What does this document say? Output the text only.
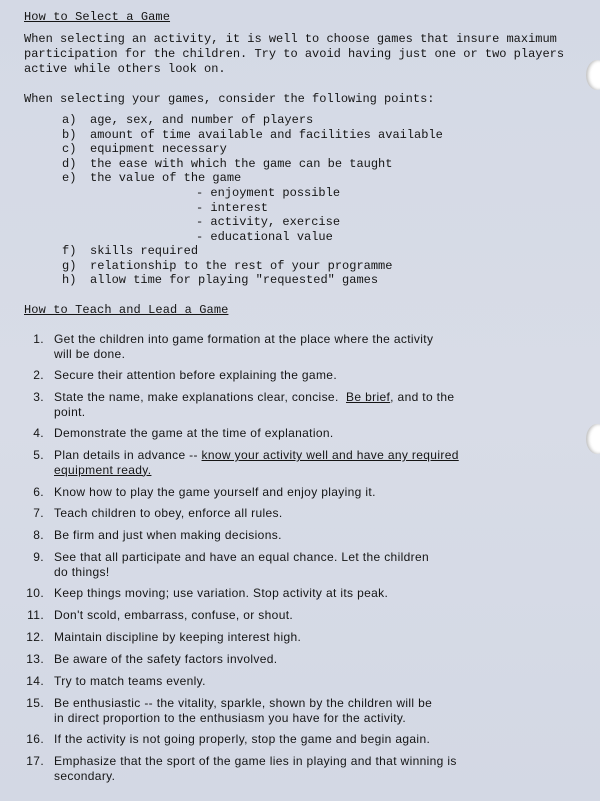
How to Select a Game
When selecting an activity, it is well to choose games that insure maximum
participation for the children. Try to avoid having just one or two players
active while others look on.
When selecting your games, consider the following points:
a) age, sex, and number of players
b) amount of time available and facilities available
c) equipment necessary
d) the ease with which the game can be taught
e) the value of the game
- enjoyment possible
- interest
- activity, exercise
- educational value
f) skills required
g) relationship to the rest of your programme
h) allow time for playing "requested" games
How to Teach and Lead a Game
1. Get the children into game formation at the place where the activity
will be done.
2. Secure their attention before explaining the game.
3. State the name, make explanations clear, concise.  Be brief, and to the
point.
4. Demonstrate the game at the time of explanation.
5. Plan details in advance -- know your activity well and have any required
equipment ready.
6. Know how to play the game yourself and enjoy playing it.
7. Teach children to obey, enforce all rules.
8. Be firm and just when making decisions.
9. See that all participate and have an equal chance. Let the children
do things!
10. Keep things moving; use variation. Stop activity at its peak.
11. Don't scold, embarrass, confuse, or shout.
12. Maintain discipline by keeping interest high.
13. Be aware of the safety factors involved.
14. Try to match teams evenly.
15. Be enthusiastic -- the vitality, sparkle, shown by the children will be
in direct proportion to the enthusiasm you have for the activity.
16. If the activity is not going properly, stop the game and begin again.
17. Emphasize that the sport of the game lies in playing and that winning is
secondary.
